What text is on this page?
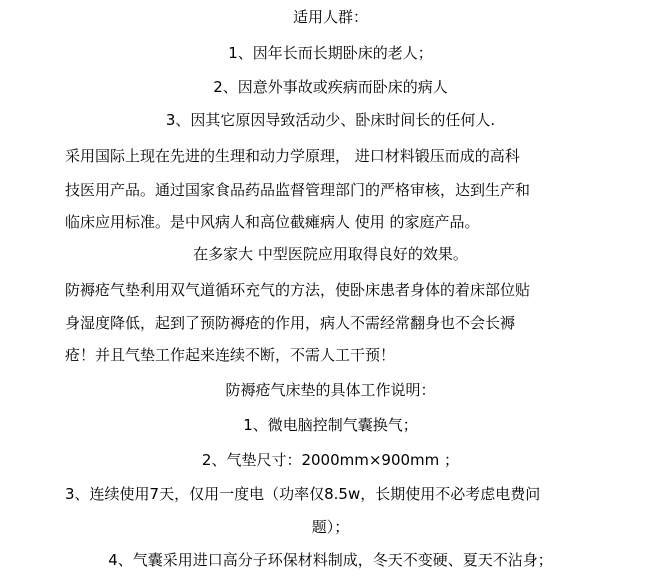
适用人群：
1、因年长而长期卧床的老人；
2、因意外事故或疾病而卧床的病人
3、因其它原因导致活动少、卧床时间长的任何人.
采用国际上现在先进的生理和动力学原理， 进口材料锻压而成的高科
技医用产品。通过国家食品药品监督管理部门的严格审核，达到生产和
临床应用标准。是中风病人和高位截瘫病人 使用 的家庭产品。
在多家大 中型医院应用取得良好的效果。
防褥疮气垫利用双气道循环充气的方法，使卧床患者身体的着床部位贴
身湿度降低，起到了预防褥疮的作用，病人不需经常翻身也不会长褥
疮！并且气垫工作起来连续不断，不需人工干预！
防褥疮气床垫的具体工作说明：
1、微电脑控制气囊换气；
2、气垫尺寸：2000mm×900mm ；
3、连续使用7天，仅用一度电（功率仅8.5w，长期使用不必考虑电费问
题）；
4、气囊采用进口高分子环保材料制成，冬天不变硬、夏天不沾身；
